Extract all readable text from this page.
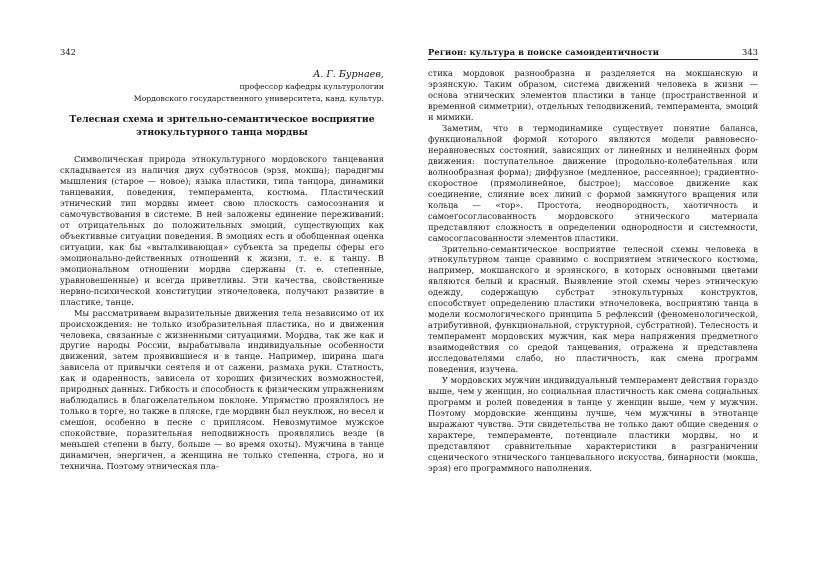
342
А. Г. Бурнаев,
профессор кафедры культурологии
Мордовского государственного университета, канд. культур.
Телесная схема и зрительно-семантическое восприятие этнокультурного танца мордвы

Символическая природа этнокультурного мордовского танцевания складывается из наличия двух субэтносов (эрзя, мокша); парадигмы мышления (старое — новое); языка пластики, типа танцора, динамики танцевания, поведения, темперамента, костюма. Пластический этнический тип мордвы имеет свою плоскость самосознания и самочувствования в системе. В ней заложены единение переживаний: от отрицательных до положительных эмоций, существующих как объективные ситуации поведения. В эмоциях есть и обобщенная оценка ситуации, как бы «выталкивающая» субъекта за пределы сферы его эмоционально-действенных отношений к жизни, т. е. к танцу. В эмоциональном отношении мордва сдержаны (т. е. степенные, уравновешенные) и всегда приветливы. Эти качества, свойственные нервно-психической конституции этночеловека, получают развитие в пластике, танце.

Мы рассматриваем выразительные движения тела независимо от их происхождения: не только изобразительная пластика, но и движения человека, связанные с жизненными ситуациями. Мордва, так же как и другие народы России, вырабатывала индивидуальные особенности движений, затем проявившиеся и в танце. Например, ширина шага зависела от привычки сеятеля и от сажени, размаха руки. Статность, как и одаренность, зависела от хороших физических возможностей, природных данных. Гибкость и способность к физическим упражнениям наблюдались в благожелательном поклоне. Упрямство проявлялось не только в торге, но также в пляске, где мордвин был неуклюж, но весел и смешон, особенно в песне с приплясом. Невозмутимое мужское спокойствие, поразительная неподвижность проявлялись везде (в меньшей степени в быту, больше — во время охоты). Мужчина в танце динамичен, энергичен, а женщина не только степенна, строга, но и технична. Поэтому этническая пла-

Регион: культура в поиске самоидентичности	343

стика мордовок разнообразна и разделяется на мокшанскую и эрзянскую. Таким образом, система движений человека в жизни — основа этнических элементов пластики в танце (пространственной и временной симметрии), отдельных телодвижений, темперамента, эмоций и мимики.

Заметим, что в термодинамике существует понятие баланса, функциональной формой которого являются модели равновесно-неравновесных состояний, зависящих от линейных и нелинейных форм движения: поступательное движение (продольно-колебательная или волнообразная форма); диффузное (медленное, рассеянное); градиентно-скоростное (прямолинейное, быстрое); массовое движение как соединение, слияние всех линий с формой замкнутого вращения или кольца — «тор». Простота, неоднородность, хаотичность и самоегосогласованность мордовского этнического материала представляют сложность в определении однородности и системности, самосогласованности элементов пластики.

Зрительно-семантическое восприятие телесной схемы человека в этнокультурном танце сравнимо с восприятием этнического костюма, например, мокшанского и эрзянского, в которых основными цветами являются белый и красный. Выявление этой схемы через этническую одежду, содержащую субстрат этнокультурных конструктов, способствует определению пластики этночеловека, восприятию танца в модели космологического принципа 5 рефлексий (феноменологической, атрибутивной, функциональной, структурной, субстратной). Телесность и темперамент мордовских мужчин, как мера напряжения предметного взаимодействия со средой танцевания, отражена и представлена исследователями слабо, но пластичность, как смена программ поведения, изучена.

У мордовских мужчин индивидуальный темперамент действия гораздо выше, чем у женщин, но социальная пластичность как смена социальных программ и ролей поведения в танце у женщин выше, чем у мужчин. Поэтому мордовские женщины лучше, чем мужчины в этнотанце выражают чувства. Эти свидетельства не только дают общие сведения о характере, темпераменте, потенциале пластики мордвы, но и представляют сравнительные характеристики в разграничении сценического этнического танцевального искусства, бинарности (мокша, эрзя) его программного наполнения.
